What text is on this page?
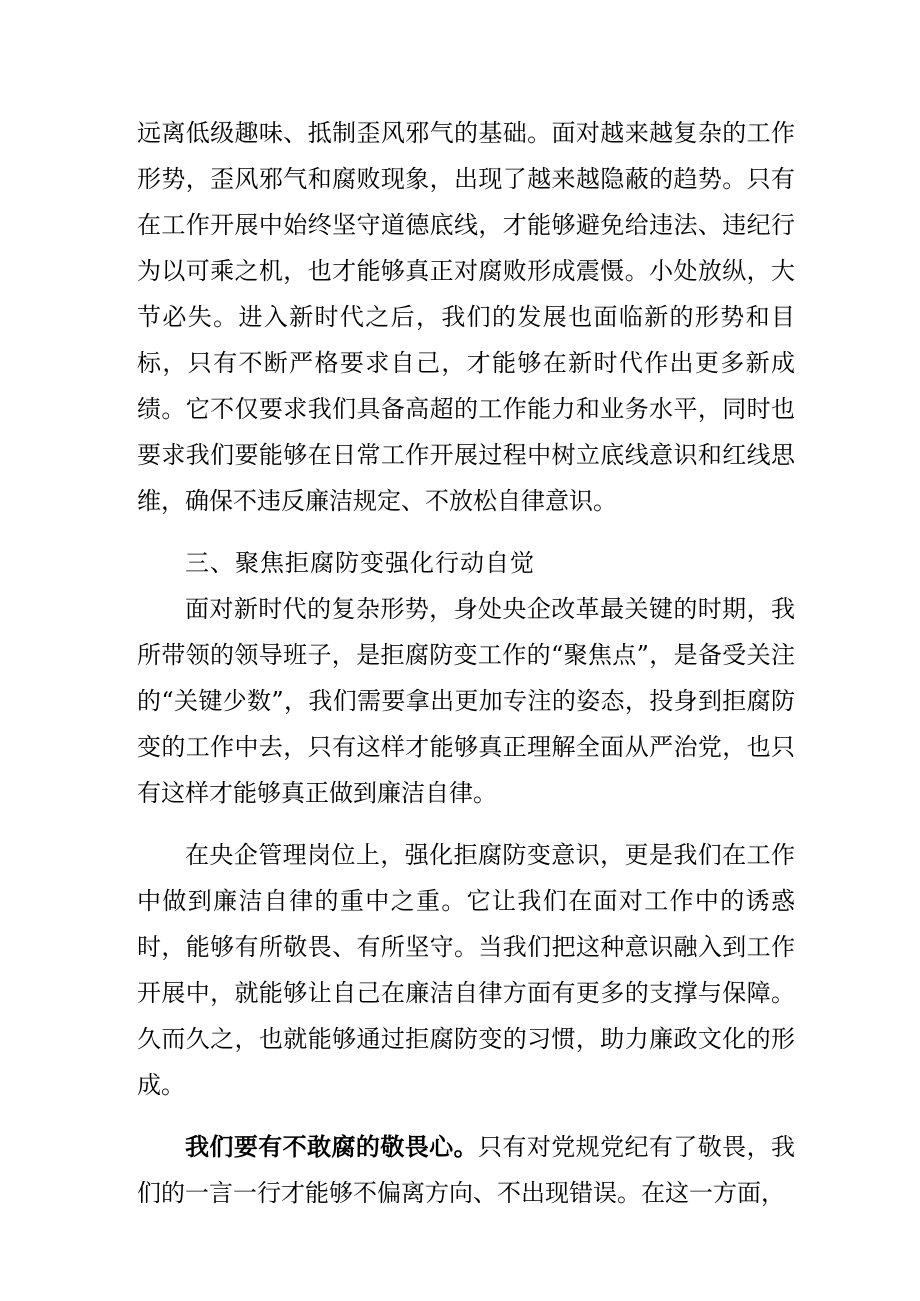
远离低级趣味、抵制歪风邪气的基础。面对越来越复杂的工作形势，歪风邪气和腐败现象，出现了越来越隐蔽的趋势。只有在工作开展中始终坚守道德底线，才能够避免给违法、违纪行为以可乘之机，也才能够真正对腐败形成震慑。小处放纵，大节必失。进入新时代之后，我们的发展也面临新的形势和目标，只有不断严格要求自己，才能够在新时代作出更多新成绩。它不仅要求我们具备高超的工作能力和业务水平，同时也要求我们要能够在日常工作开展过程中树立底线意识和红线思维，确保不违反廉洁规定、不放松自律意识。

三、聚焦拒腐防变强化行动自觉

面对新时代的复杂形势，身处央企改革最关键的时期，我所带领的领导班子，是拒腐防变工作的“聚焦点”，是备受关注的“关键少数”，我们需要拿出更加专注的姿态，投身到拒腐防变的工作中去，只有这样才能够真正理解全面从严治党，也只有这样才能够真正做到廉洁自律。

在央企管理岗位上，强化拒腐防变意识，更是我们在工作中做到廉洁自律的重中之重。它让我们在面对工作中的诱惑时，能够有所敬畏、有所坚守。当我们把这种意识融入到工作开展中，就能够让自己在廉洁自律方面有更多的支撑与保障。久而久之，也就能够通过拒腐防变的习惯，助力廉政文化的形成。

我们要有不敢腐的敬畏心。只有对党规党纪有了敬畏，我们的一言一行才能够不偏离方向、不出现错误。在这一方面，
